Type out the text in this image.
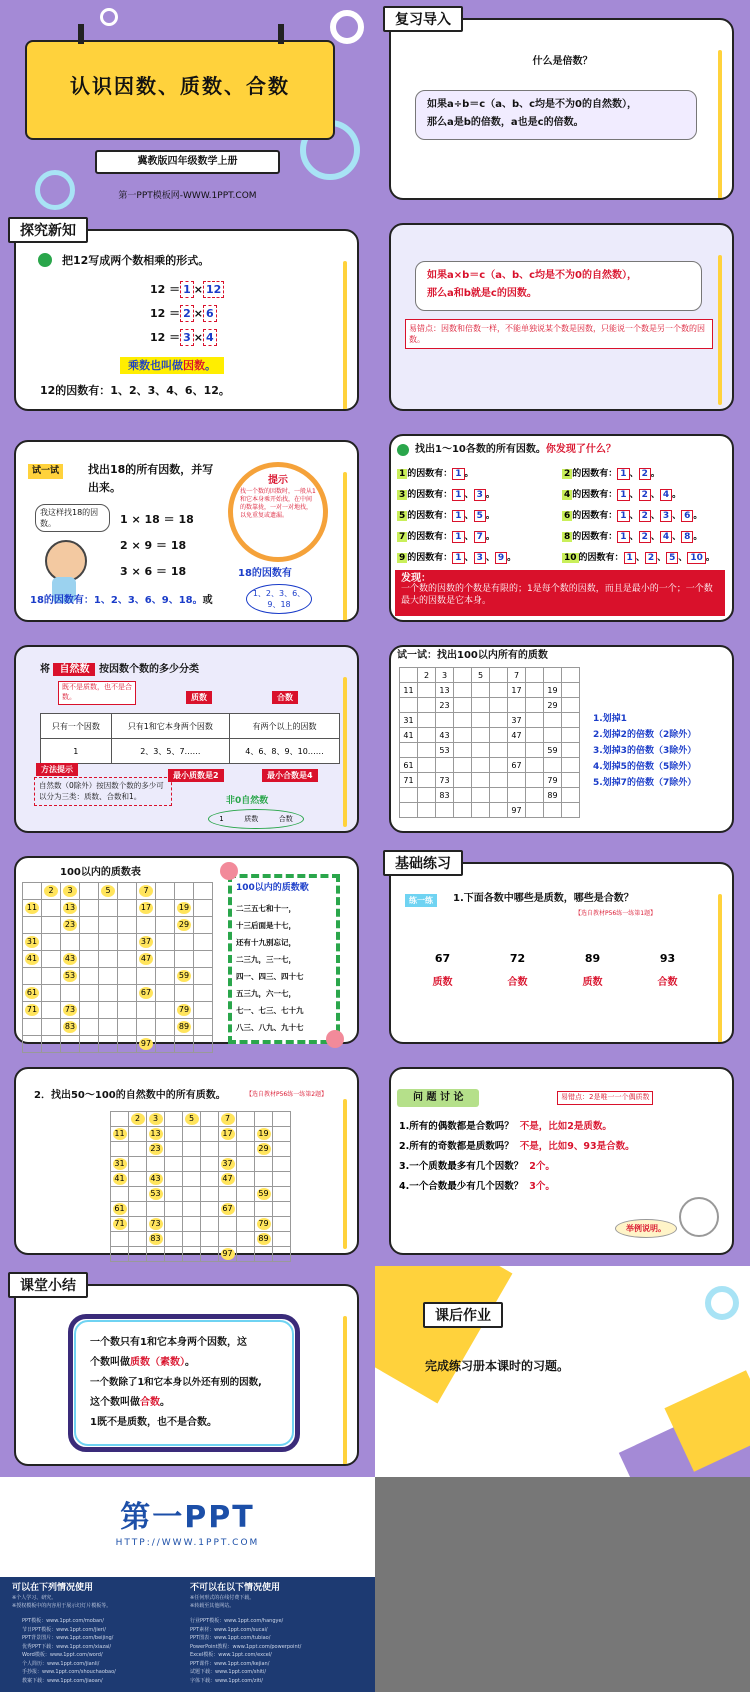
认识因数、质数、合数
冀教版四年级数学上册
第一PPT模板网-WWW.1PPT.COM
复习导入
什么是倍数？
如果a÷b＝c（a、b、c均是不为0的自然数），
那么a是b的倍数，a也是c的倍数。
探究新知
把12写成两个数相乘的形式。
12 ＝ 1 × 12
12 ＝ 2 × 6
12 ＝ 3 × 4
乘数也叫做因数。
12的因数有：1、2、3、4、6、12。
如果a×b＝c（a、b、c均是不为0的自然数），
那么a和b就是c的因数。
易错点：因数和倍数一样，不能单独说某个数是因数，只能说一个数是另一个数的因数。
试一试	找出18的所有因数，并写
出来。
我这样找18的因数。	1 × 18 ＝ 18
2 × 9 ＝ 18
3 × 6 ＝ 18
18的因数有：1、2、3、6、9、18。或
提示
找一个数的因数时，一般从1和它本身乘开始找，在中间的数靠拢，一对一对地找，以免重复或遗漏。
18的因数有
1、2、3、6、9、18
找出1～10各数的所有因数。你发现了什么？
1 的因数有： 1 。	2 的因数有： 1 、 2 。
3 的因数有： 1 、 3 。	4 的因数有： 1 、 2 、 4 。
5 的因数有： 1 、 5 。	6 的因数有： 1 、 2 、 3 、 6 。
7 的因数有： 1 、 7 。	8 的因数有： 1 、 2 、 4 、 8 。
9 的因数有： 1 、 3 、 9 。	10 的因数有： 1 、 2 、 5 、 10 。
发现：
一个数的因数的个数是有限的；1是每个数的因数，而且是最小的一个；一个数最大的因数是它本身。
将 自然数 按因数个数的多少分类
既不是质数，也不是合数。	质数	合数
只有一个因数	只有1和它本身两个因数	有两个以上的因数
1	2、3、5、7……	4、6、8、9、10……
最小质数是2	最小合数是4
方法提示
自然数（0除外）按因数个数的多少可以分为三类：质数、合数和1。	非0自然数
1	质数	合数
试一试：找出100以内所有的质数
	2	3		5		7			
11		13				17		19	
		23						29	
31						37			
41		43				47			
		53						59	
61						67			
71		73						79	
		83						89	
						97			
1.划掉1
2.划掉2的倍数（2除外）
3.划掉3的倍数（3除外）
4.划掉5的倍数（5除外）
5.划掉7的倍数（7除外）
100以内的质数表
	2	3		5		7			
11		13				17		19	
		23						29	
31						37			
41		43				47			
		53						59	
61						67			
71		73						79	
		83						89	
						97			
100以内的质数歌
二三五七和十一，
十三后面是十七，
还有十九别忘记，
二三九，三一七，
四一、四三、四十七
五三九，六一七，
七一、七三、七十九
八三、八九、九十七
基础练习
练一练	1.下面各数中哪些是质数，哪些是合数？
【选自教材P56练一练第1题】
67
质数
72
合数
89
质数
93
合数
2．找出50～100的自然数中的所有质数。	【选自教材P56练一练第2题】
	2	3		5		7			
11		13				17		19	
		23						29	
31						37			
41		43				47			
		53						59	
61						67			
71		73						79	
		83						89	
						97			
问 题 讨 论	易错点：2是唯一一个偶质数
1.所有的偶数都是合数吗？ 不是，比如2是质数。
2.所有的奇数都是质数吗？ 不是，比如9、93是合数。
3.一个质数最多有几个因数？ 2个。
4.一个合数最少有几个因数？ 3个。
举例说明。
课堂小结
一个数只有1和它本身两个因数，这
个数叫做质数（素数）。
一个数除了1和它本身以外还有别的因数,
这个数叫做合数。
1既不是质数，也不是合数。
课后作业
完成练习册本课时的习题。
第一PPT
HTTP://WWW.1PPT.COM
可以在下列情况使用
※个人学习、研究。
※授权模板中的内容用于展示幻灯片模板等。
不可以在以下情况使用
※任何形式的在线付费下载。
※转载至其他网站。
PPT模板：www.1ppt.com/moban/
节日PPT模板：www.1ppt.com/jieri/
PPT背景图片：www.1ppt.com/beijing/
优秀PPT下载：www.1ppt.com/xiazai/
Word模板：www.1ppt.com/word/
个人简历：www.1ppt.com/jianli/
手抄报：www.1ppt.com/shouchaobao/
教案下载：www.1ppt.com/jiaoan/
行业PPT模板：www.1ppt.com/hangye/
PPT素材：www.1ppt.com/sucai/
PPT图表：www.1ppt.com/tubiao/
PowerPoint教程：www.1ppt.com/powerpoint/
Excel模板：www.1ppt.com/excel/
PPT课件：www.1ppt.com/kejian/
试题下载：www.1ppt.com/shiti/
字体下载：www.1ppt.com/ziti/
